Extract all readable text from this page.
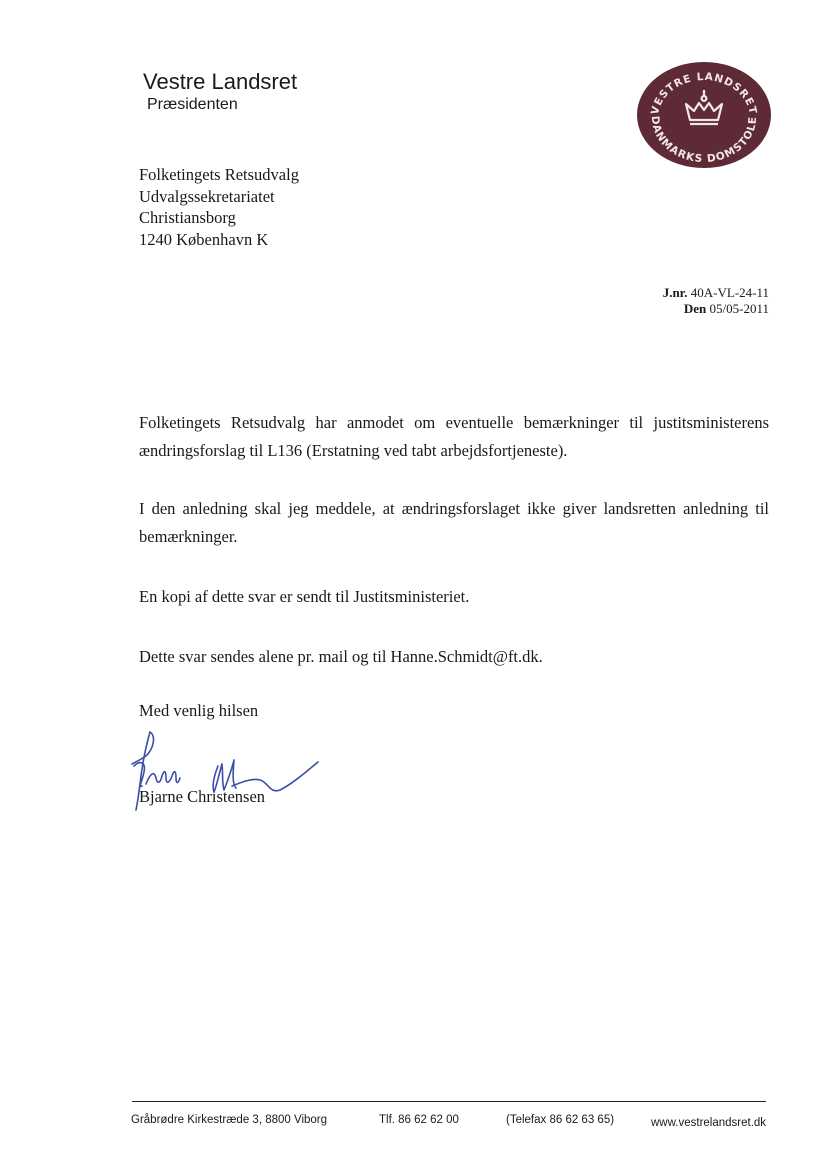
Vestre Landsret
Præsidenten	VESTRE LANDSRET
DANMARKS DOMSTOLE
Folketingets Retsudvalg
Udvalgssekretariatet
Christiansborg
1240 København K
J.nr. 40A-VL-24-11
Den 05/05-2011
Folketingets Retsudvalg har anmodet om eventuelle bemærkninger til justitsministerens ændringsforslag til L136 (Erstatning ved tabt arbejdsfortjeneste).
I den anledning skal jeg meddele, at ændringsforslaget ikke giver landsretten anledning til bemærkninger.
En kopi af dette svar er sendt til Justitsministeriet.
Dette svar sendes alene pr. mail og til Hanne.Schmidt@ft.dk.
Med venlig hilsen
Bjarne Christensen
Gråbrødre Kirkestræde 3, 8800 Viborg	Tlf. 86 62 62 00	(Telefax 86 62 63 65)	www.vestrelandsret.dk
